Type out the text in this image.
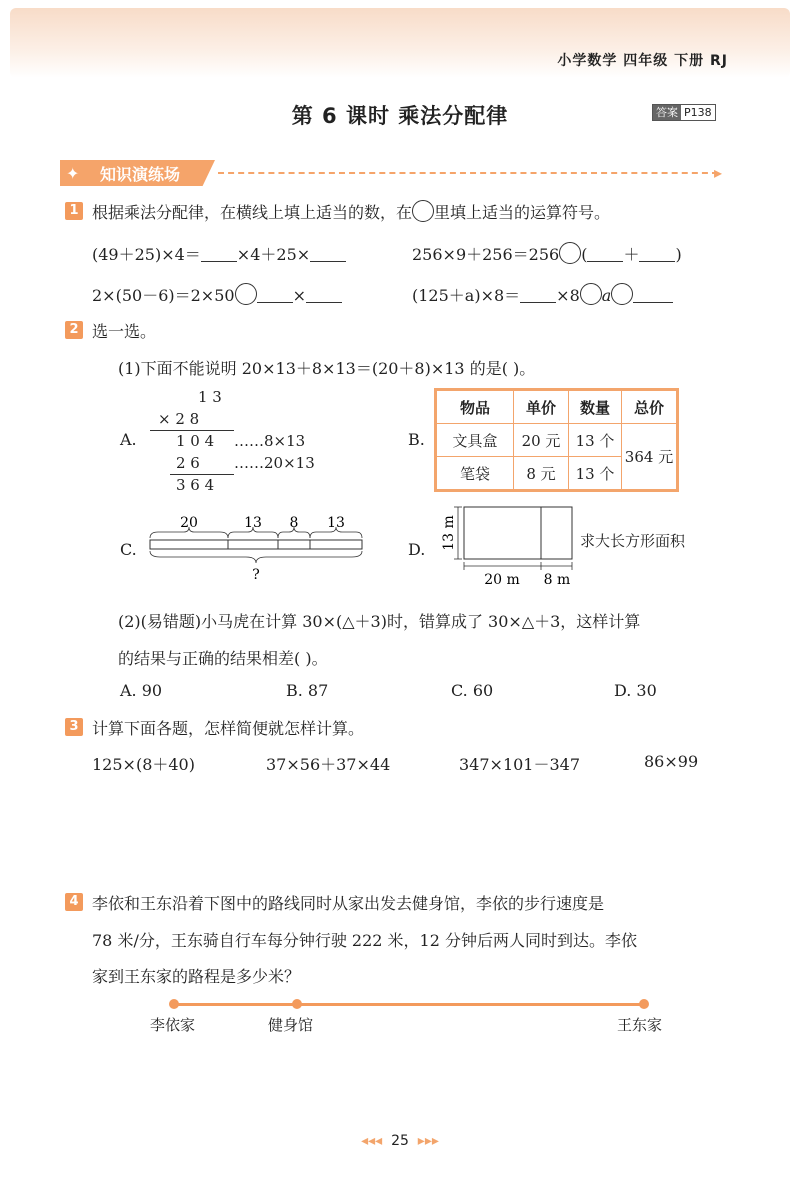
小学数学 四年级 下册 RJ
第 6 课时 乘法分配律	答案 P138
✦ 知识演练场	▸
1 根据乘法分配律，在横线上填上适当的数，在 里填上适当的运算符号。
(49＋25)×4＝ ×4＋25×	256×9＋256＝256 ( ＋ )
2×(50－6)＝2×50	×	(125＋a)×8＝ ×8 a
2 选一选。
(1)下面不能说明 20×13＋8×13＝(20＋8)×13 的是( )。
A.
1 3
× 2 8
1 0 4 ……8×13
2 6 ……20×13
3 6 4
B.
物品	单价	数量	总价
文具盒	20 元	13 个	364 元
笔袋	8 元	13 个	
C.
20	13 8 13
?
D. 13 m
20 m 8 m
求大长方形面积
(2)(易错题)小马虎在计算 30×(△＋3)时，错算成了 30×△＋3，这样计算
的结果与正确的结果相差( )。
A. 90	B. 87	C. 60	D. 30
3 计算下面各题，怎样简便就怎样计算。
125×(8＋40)	37×56＋37×44	347×101－347	86×99
4 李依和王东沿着下图中的路线同时从家出发去健身馆，李依的步行速度是
78 米/分，王东骑自行车每分钟行驶 222 米，12 分钟后两人同时到达。李依
家到王东家的路程是多少米？
李依家	健身馆	王东家
◂◂◂  25  ▸▸▸
